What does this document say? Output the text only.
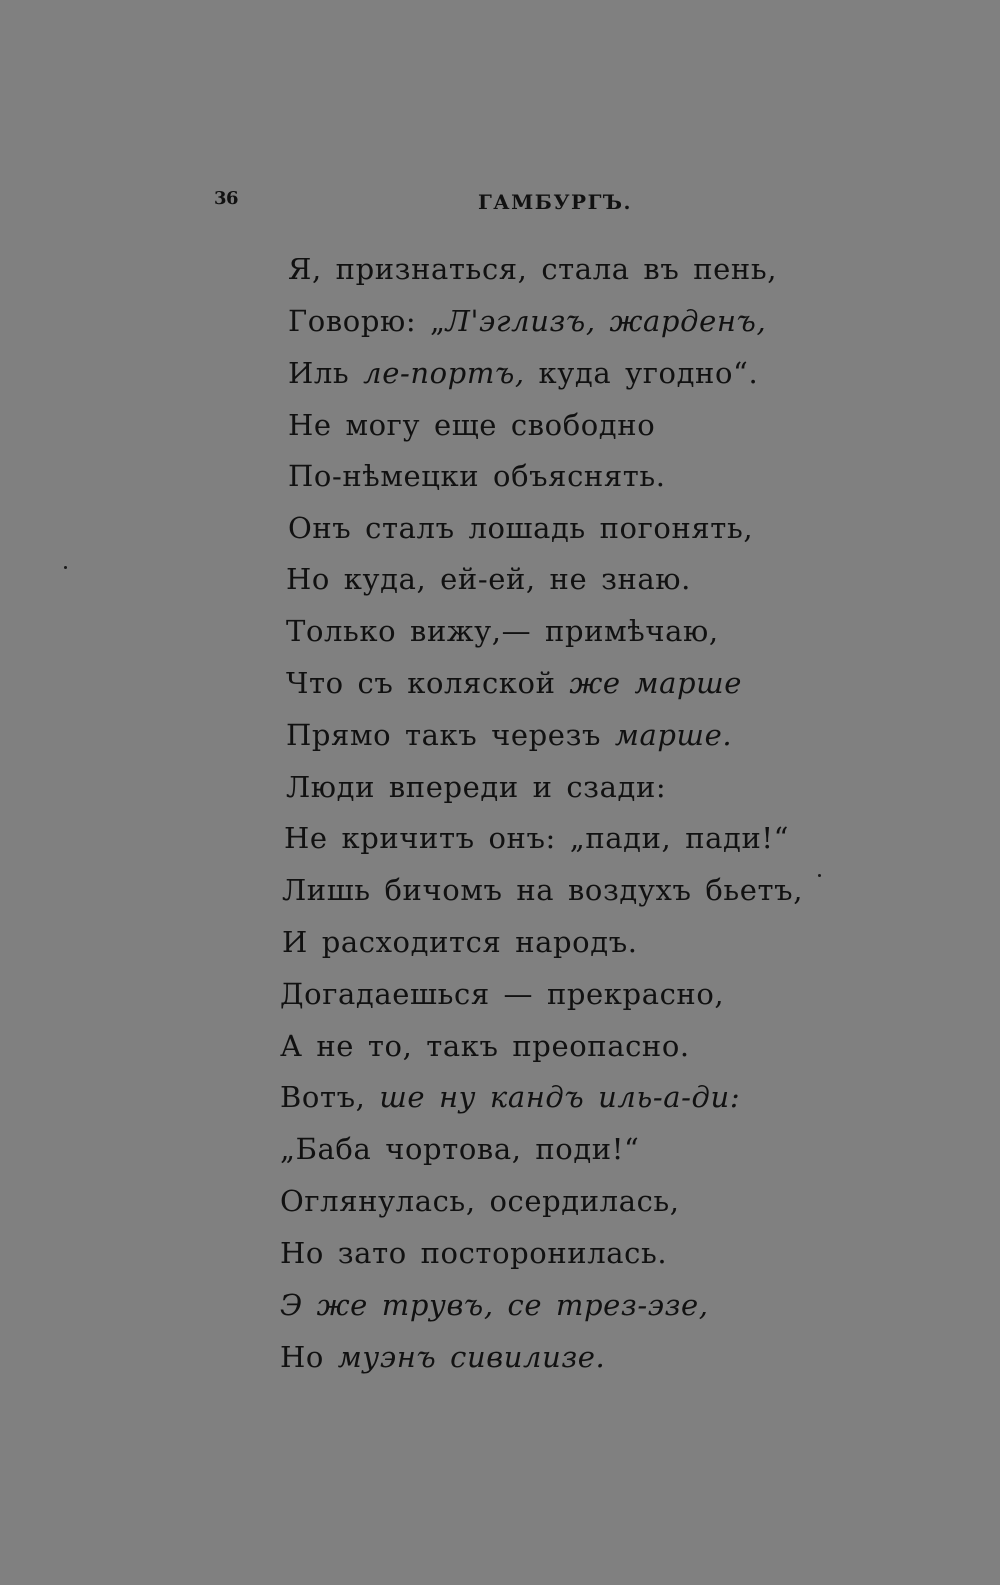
36	ГАМБУРГЪ.
Я, признаться, стала въ пень,
Говорю: „Л'эглизъ, жарденъ,
Иль ле-портъ, куда угодно“.
Не могу еще свободно
По-нѣмецки объяснять.
Онъ сталъ лошадь погонять,
Но куда, ей-ей, не знаю.
Только вижу,— примѣчаю,
Что съ коляской же марше
Прямо такъ черезъ марше.
Люди впереди и сзади:
Не кричитъ онъ: „пади, пади!“
Лишь бичомъ на воздухъ бьетъ,
И расходится народъ.
Догадаешься — прекрасно,
А не то, такъ преопасно.
Вотъ, ше ну кандъ иль-а-ди:
„Баба чортова, поди!“
Оглянулась, осердилась,
Но зато посторонилась.
Э же трувъ, се трез-эзе,
Но муэнъ сивилизе.
